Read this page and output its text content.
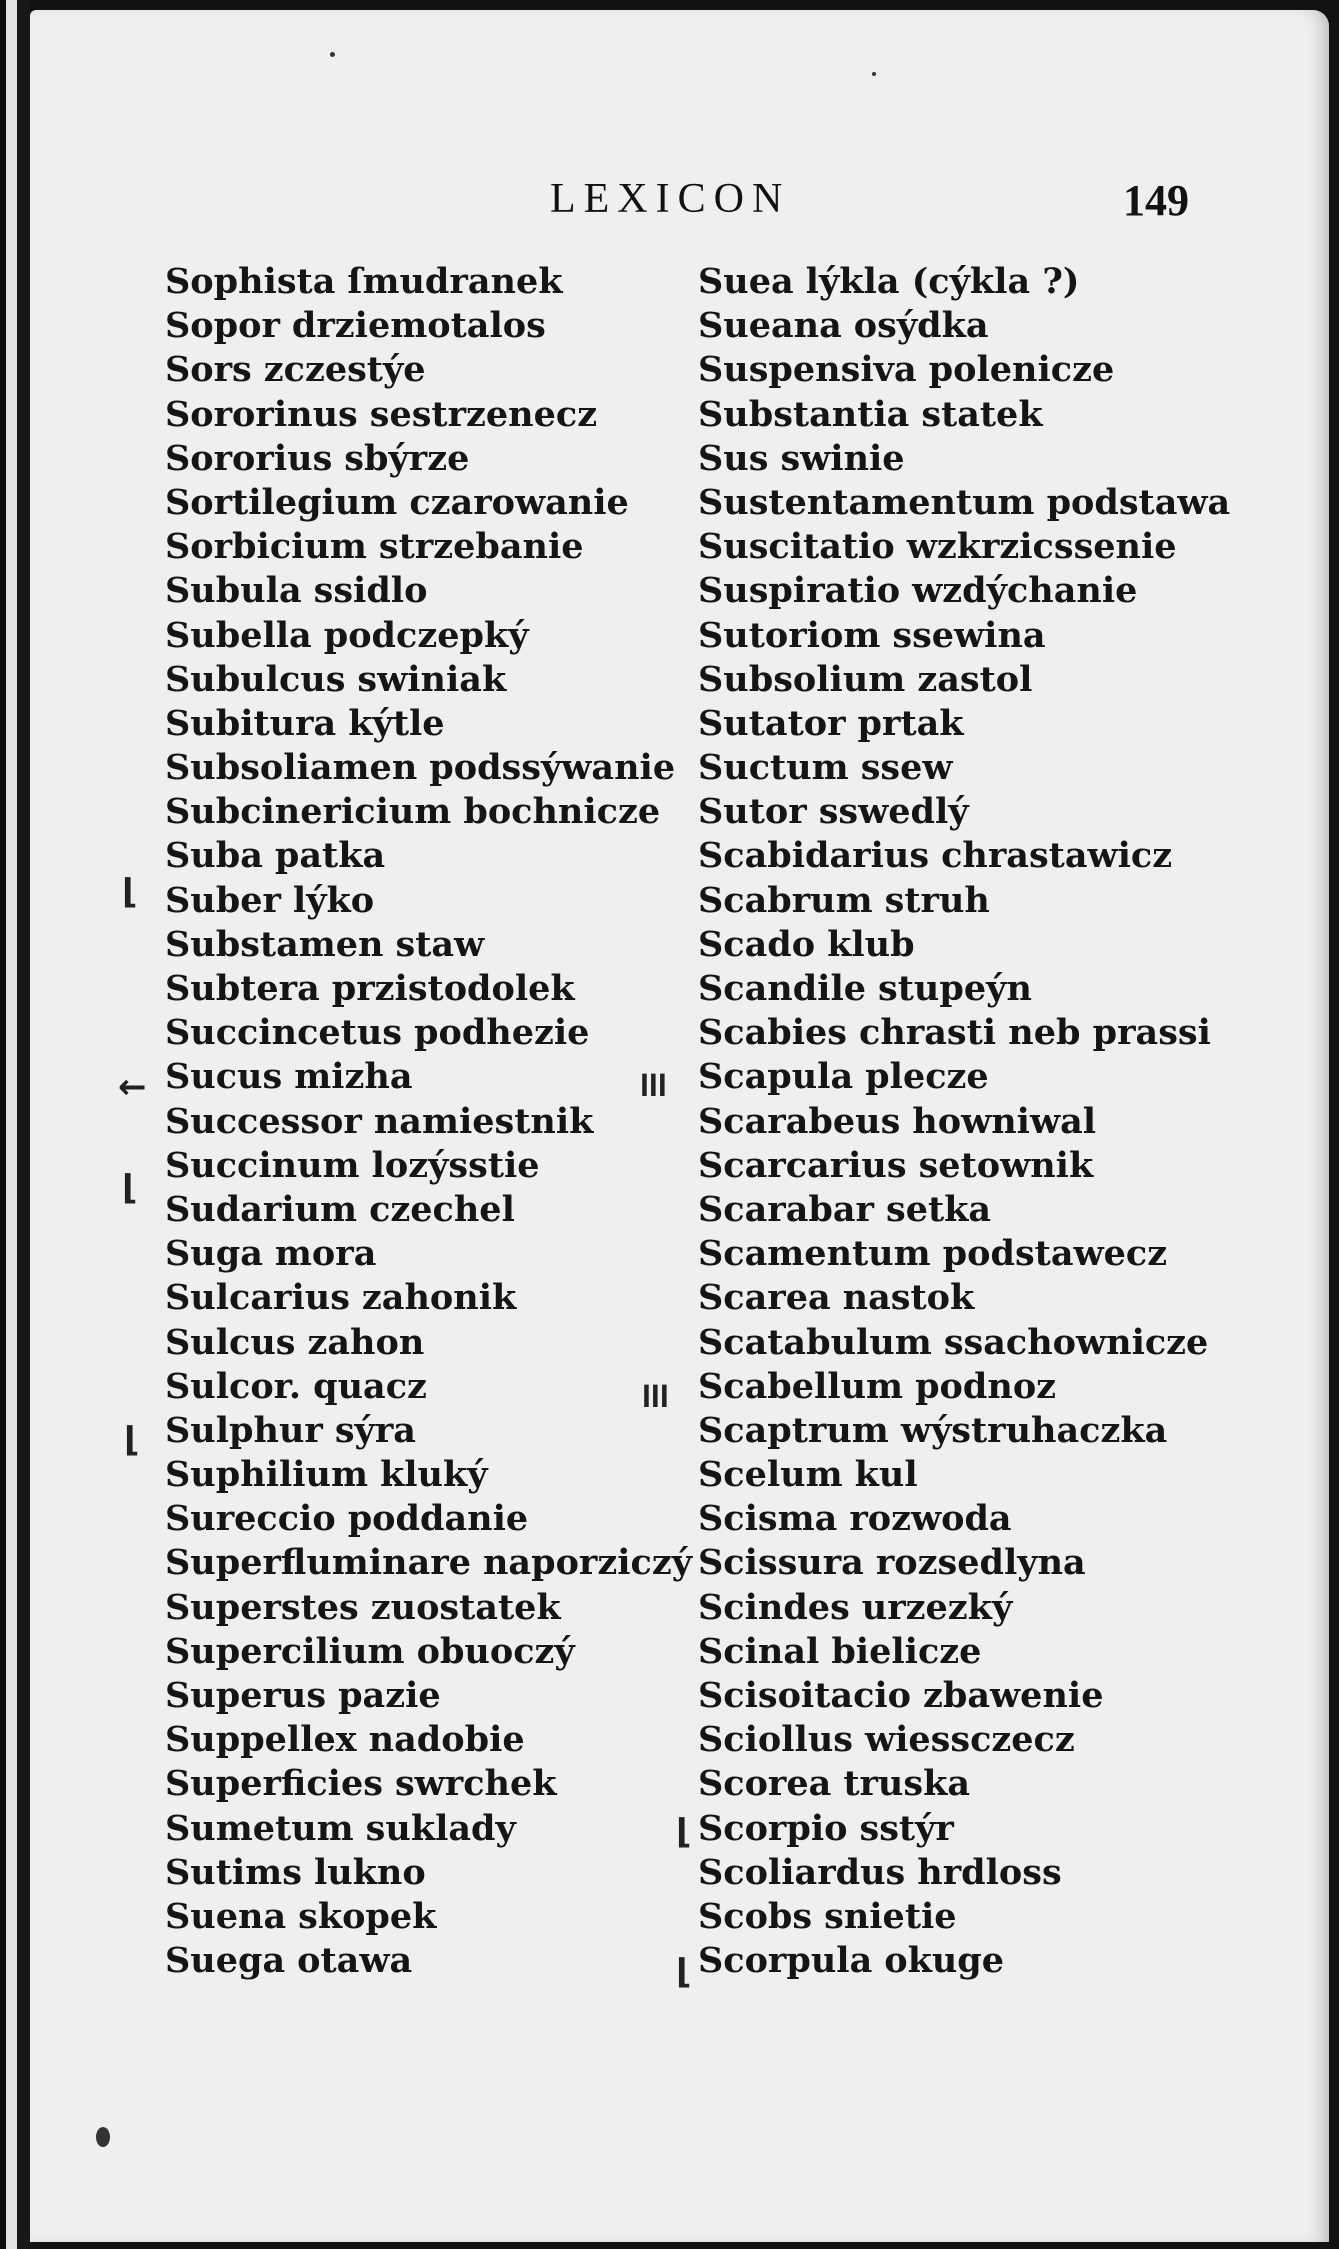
LEXICON	149
Sophista ſmudranek
Sopor drziemotalos
Sors zczestýe
Sororinus sestrzenecz
Sororius sbýrze
Sortilegium czarowanie
Sorbicium strzebanie
Subula ssidlo
Subella podczepký
Subulcus swiniak
Subitura kýtle
Subsoliamen podssýwanie
Subcinericium bochnicze
Suba patka
Suber lýko
Substamen staw
Subtera przistodolek
Succincetus podhezie
Sucus mizha
Successor namiestnik
Succinum lozýsstie
Sudarium czechel
Suga mora
Sulcarius zahonik
Sulcus zahon
Sulcor. quacz
Sulphur sýra
Suphilium kluký
Sureccio poddanie
Superfluminare naporziczý
Superstes zuostatek
Supercilium obuoczý
Superus pazie
Suppellex nadobie
Superficies swrchek
Sumetum suklady
Sutims lukno
Suena skopek
Suega otawa
Suea lýkla (cýkla ?)
Sueana osýdka
Suspensiva polenicze
Substantia statek
Sus swinie
Sustentamentum podstawa
Suscitatio wzkrzicssenie
Suspiratio wzdýchanie
Sutoriom ssewina
Subsolium zastol
Sutator prtak
Suctum ssew
Sutor sswedlý
Scabidarius chrastawicz
Scabrum struh
Scado klub
Scandile stupeýn
Scabies chrasti neb prassi
Scapula plecze
Scarabeus howniwal
Scarcarius setownik
Scarabar setka
Scamentum podstawecz
Scarea nastok
Scatabulum ssachownicze
Scabellum podnoz
Scaptrum wýstruhaczka
Scelum kul
Scisma rozwoda
Scissura rozsedlyna
Scindes urzezký
Scinal bielicze
Scisoitacio zbawenie
Sciollus wiessczecz
Scorea truska
Scorpio sstýr
Scoliardus hrdloss
Scobs snietie
Scorpula okuge
⌊
←
⌊
⌊
ꟾꟾꟾ
ꟾꟾꟾ
⌊
⌊
